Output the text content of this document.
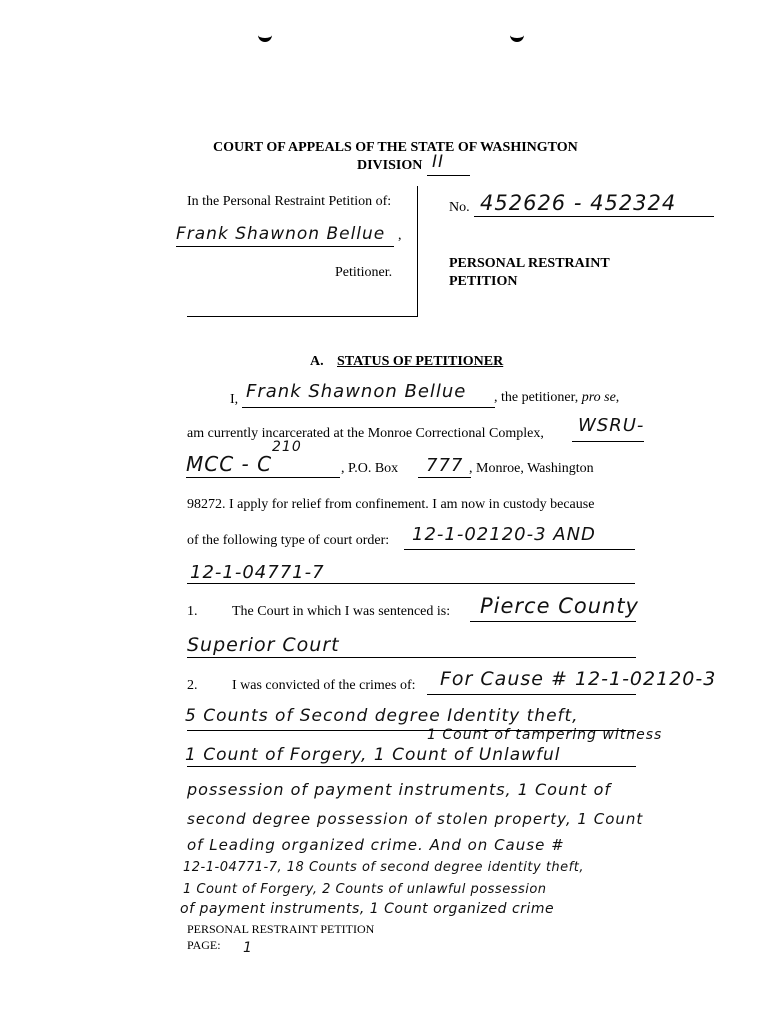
COURT OF APPEALS OF THE STATE OF WASHINGTON
DIVISION II
In the Personal Restraint Petition of:
Frank Shawnon Bellue ,
Petitioner.
No. 452626 - 452324
PERSONAL RESTRAINT
PETITION
A. STATUS OF PETITIONER
I, Frank Shawnon Bellue , the petitioner, pro se,
am currently incarcerated at the Monroe Correctional Complex, WSRU-
MCC - C
210
, P.O. Box 777 , Monroe, Washington
98272. I apply for relief from confinement. I am now in custody because
of the following type of court order: 12-1-02120-3 AND
12-1-04771-7
1. The Court in which I was sentenced is: Pierce County
Superior Court
2. I was convicted of the crimes of: For Cause # 12-1-02120-3
5 Counts of Second degree Identity theft,
1 Count of tampering witness
1 Count of Forgery, 1 Count of Unlawful
possession of payment instruments, 1 Count of
second degree possession of stolen property, 1 Count
of Leading organized crime. And on Cause #
12-1-04771-7, 18 Counts of second degree identity theft,
1 Count of Forgery, 2 Counts of unlawful possession
of payment instruments, 1 Count organized crime
PERSONAL RESTRAINT PETITION
PAGE: 1
